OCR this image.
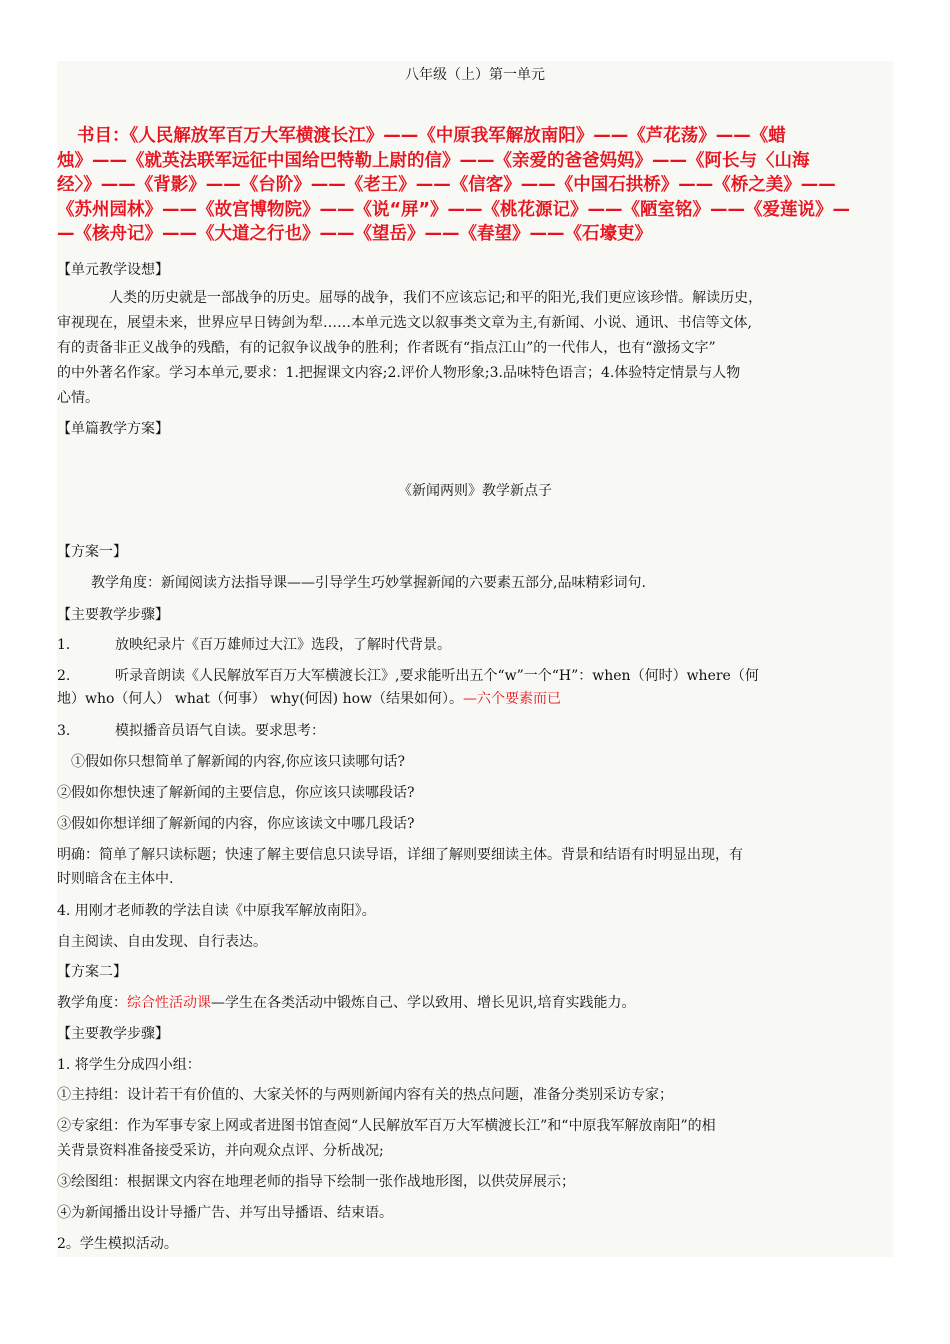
八年级（上）第一单元
书目：《人民解放军百万大军横渡长江》——《中原我军解放南阳》——《芦花荡》——《蜡
烛》——《就英法联军远征中国给巴特勒上尉的信》——《亲爱的爸爸妈妈》——《阿长与〈山海
经〉》——《背影》——《台阶》——《老王》——《信客》——《中国石拱桥》——《桥之美》——
《苏州园林》——《故宫博物院》——《说“屏”》——《桃花源记》——《陋室铭》——《爱莲说》—
—《核舟记》——《大道之行也》——《望岳》——《春望》——《石壕吏》
【单元教学设想】
人类的历史就是一部战争的历史。屈辱的战争，我们不应该忘记;和平的阳光,我们更应该珍惜。解读历史，
审视现在，展望未来，世界应早日铸剑为犁……本单元选文以叙事类文章为主,有新闻、小说、通讯、书信等文体,
有的责备非正义战争的残酷，有的记叙争议战争的胜利；作者既有“指点江山”的一代伟人，也有“激扬文字”
的中外著名作家。学习本单元,要求：1.把握课文内容;2.评价人物形象;3.品味特色语言；4.体验特定情景与人物
心情。
【单篇教学方案】
《新闻两则》教学新点子
【方案一】
教学角度：新闻阅读方法指导课——引导学生巧妙掌握新闻的六要素五部分,品味精彩词句.
【主要教学步骤】
1.	放映纪录片《百万雄师过大江》选段，了解时代背景。
2.	听录音朗读《人民解放军百万大军横渡长江》,要求能听出五个“w”一个“H”：when（何时）where（何
地）who（何人） what（何事） why(何因) how（结果如何）。—六个要素而已
3.	模拟播音员语气自读。要求思考：
①假如你只想简单了解新闻的内容,你应该只读哪句话?
②假如你想快速了解新闻的主要信息，你应该只读哪段话?
③假如你想详细了解新闻的内容，你应该读文中哪几段话?
明确：简单了解只读标题；快速了解主要信息只读导语，详细了解则要细读主体。背景和结语有时明显出现，有
时则暗含在主体中.
4. 用刚才老师教的学法自读《中原我军解放南阳》。
自主阅读、自由发现、自行表达。
【方案二】
教学角度：综合性活动课—学生在各类活动中锻炼自己、学以致用、增长见识,培育实践能力。
【主要教学步骤】
1. 将学生分成四小组：
①主持组：设计若干有价值的、大家关怀的与两则新闻内容有关的热点问题，准备分类别采访专家；
②专家组：作为军事专家上网或者进图书馆查阅“人民解放军百万大军横渡长江”和“中原我军解放南阳”的相
关背景资料准备接受采访，并向观众点评、分析战况;
③绘图组：根据课文内容在地理老师的指导下绘制一张作战地形图，以供荧屏展示；
④为新闻播出设计导播广告、并写出导播语、结束语。
2。学生模拟活动。
